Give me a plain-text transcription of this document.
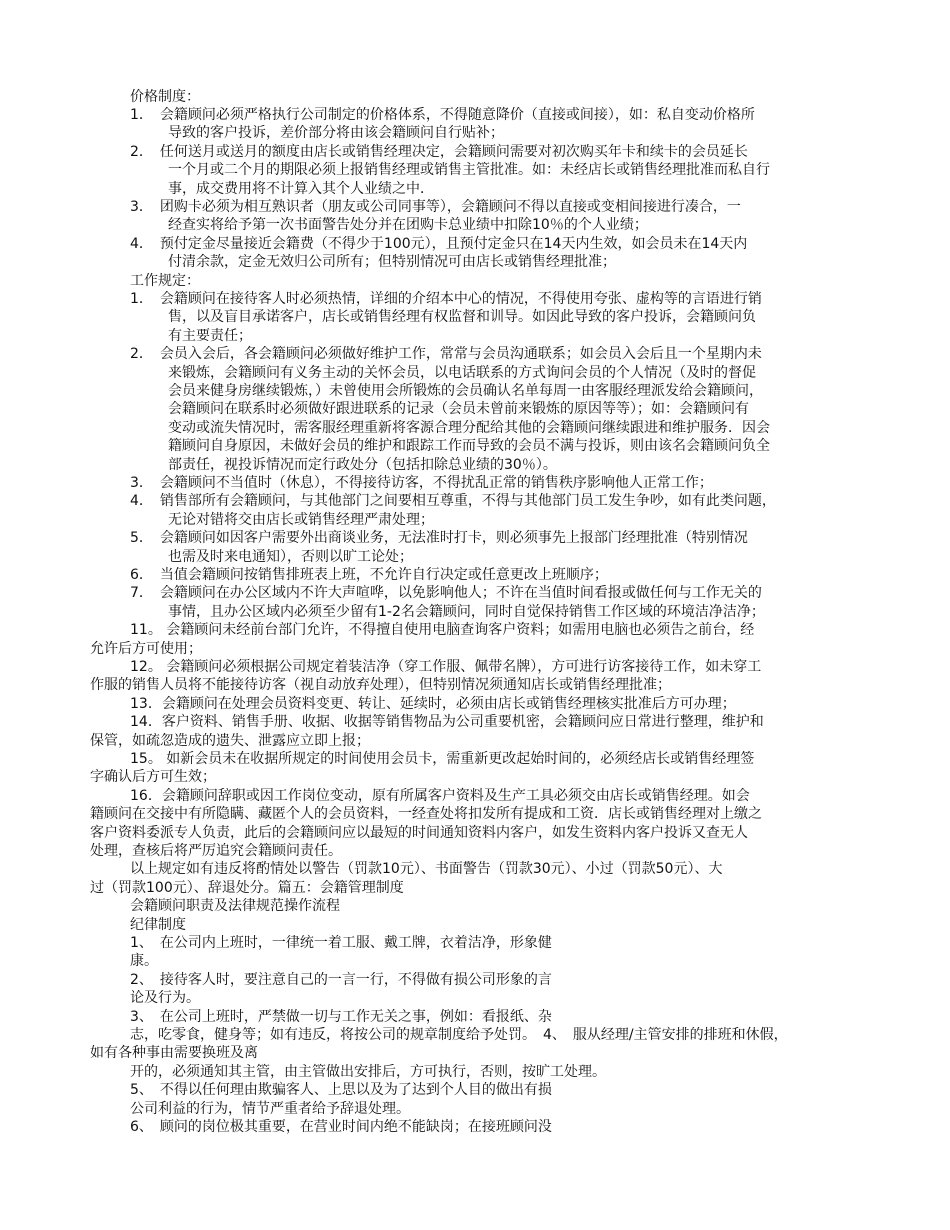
价格制度：
1．　会籍顾问必须严格执行公司制定的价格体系，不得随意降价（直接或间接），如：私自变动价格所
导致的客户投诉，差价部分将由该会籍顾问自行贴补；
2．　任何送月或送月的额度由店长或销售经理决定，会籍顾问需要对初次购买年卡和续卡的会员延长
一个月或二个月的期限必须上报销售经理或销售主管批准。如：未经店长或销售经理批准而私自行
事，成交费用将不计算入其个人业绩之中．
3．　团购卡必须为相互熟识者（朋友或公司同事等），会籍顾问不得以直接或变相间接进行凑合，一
经查实将给予第一次书面警告处分并在团购卡总业绩中扣除10％的个人业绩；
4．　预付定金尽量接近会籍费（不得少于100元），且预付定金只在14天内生效，如会员未在14天内
付清余款，定金无效归公司所有；但特别情况可由店长或销售经理批准；
工作规定：
1．　会籍顾问在接待客人时必须热情，详细的介绍本中心的情况，不得使用夸张、虚构等的言语进行销
售，以及盲目承诺客户，店长或销售经理有权监督和训导。如因此导致的客户投诉，会籍顾问负
有主要责任；
2．　会员入会后，各会籍顾问必须做好维护工作，常常与会员沟通联系；如会员入会后且一个星期内未
来锻炼，会籍顾问有义务主动的关怀会员，以电话联系的方式询问会员的个人情况（及时的督促
会员来健身房继续锻炼，）未曾使用会所锻炼的会员确认名单每周一由客服经理派发给会籍顾问，
会籍顾问在联系时必须做好跟进联系的记录（会员未曾前来锻炼的原因等等）；如：会籍顾问有
变动或流失情况时，需客服经理重新将客源合理分配给其他的会籍顾问继续跟进和维护服务．因会
籍顾问自身原因，未做好会员的维护和跟踪工作而导致的会员不满与投诉，则由该名会籍顾问负全
部责任，视投诉情况而定行政处分（包括扣除总业绩的30％）。
3．　会籍顾问不当值时（休息），不得接待访客，不得扰乱正常的销售秩序影响他人正常工作；
4．　销售部所有会籍顾问，与其他部门之间要相互尊重，不得与其他部门员工发生争吵，如有此类问题，
无论对错将交由店长或销售经理严肃处理；
5．　会籍顾问如因客户需要外出商谈业务，无法准时打卡，则必须事先上报部门经理批准（特别情况
也需及时来电通知），否则以旷工论处；
6．　当值会籍顾问按销售排班表上班，不允许自行决定或任意更改上班顺序；
7．　会籍顾问在办公区域内不许大声喧哗，以免影响他人；不许在当值时间看报或做任何与工作无关的
事情，且办公区域内必须至少留有1-2名会籍顾问，同时自觉保持销售工作区域的环境洁净洁净；
11。 会籍顾问未经前台部门允许，不得擅自使用电脑查询客户资料；如需用电脑也必须告之前台，经
允许后方可使用；
12。 会籍顾问必须根据公司规定着装洁净（穿工作服、佩带名牌），方可进行访客接待工作，如未穿工
作服的销售人员将不能接待访客（视自动放弃处理），但特别情况须通知店长或销售经理批准；
13．会籍顾问在处理会员资料变更、转让、延续时，必须由店长或销售经理核实批准后方可办理；
14．客户资料、销售手册、收据、收据等销售物品为公司重要机密，会籍顾问应日常进行整理，维护和
保管，如疏忽造成的遗失、泄露应立即上报；
15。 如新会员未在收据所规定的时间使用会员卡，需重新更改起始时间的，必须经店长或销售经理签
字确认后方可生效；
16．会籍顾问辞职或因工作岗位变动，原有所属客户资料及生产工具必须交由店长或销售经理。如会
籍顾问在交接中有所隐瞒、藏匿个人的会员资料，一经查处将扣发所有提成和工资．店长或销售经理对上缴之
客户资料委派专人负责，此后的会籍顾问应以最短的时间通知资料内客户，如发生资料内客户投诉又查无人
处理，查核后将严厉追究会籍顾问责任。
以上规定如有违反将酌情处以警告（罚款10元）、书面警告（罚款30元）、小过（罚款50元）、大
过（罚款100元）、辞退处分。篇五：会籍管理制度
会籍顾问职责及法律规范操作流程
纪律制度
1、　在公司内上班时，一律统一着工服、戴工牌，衣着洁净，形象健
康。
2、　接待客人时，要注意自己的一言一行，不得做有损公司形象的言
论及行为。
3、　在公司上班时，严禁做一切与工作无关之事，例如：看报纸、杂
志，吃零食，健身等；如有违反，将按公司的规章制度给予处罚。　4、　服从经理/主管安排的排班和休假，
如有各种事由需要换班及离
开的，必须通知其主管，由主管做出安排后，方可执行，否则，按旷工处理。
5、　不得以任何理由欺骗客人、上思以及为了达到个人目的做出有损
公司利益的行为，情节严重者给予辞退处理。
6、　顾问的岗位极其重要，在营业时间内绝不能缺岗；在接班顾问没
